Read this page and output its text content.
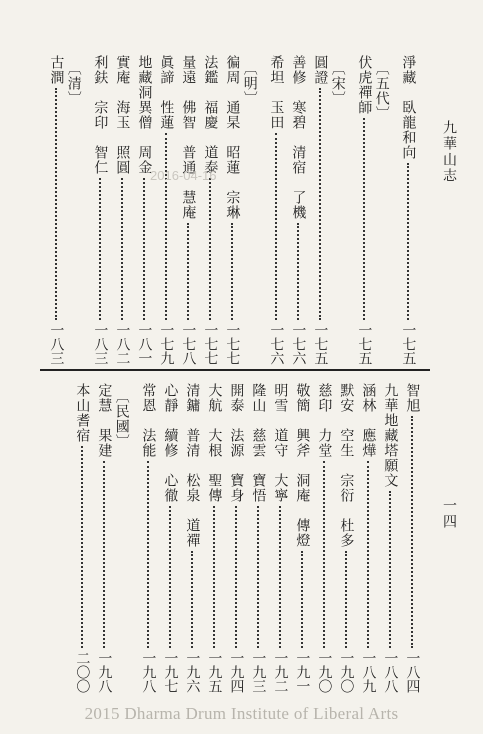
九華山志
一四
淨藏　臥龍和向
一七五
〔五代〕
伏虎禪師
一七五
〔宋〕
圓證
一七五
善修　寒碧　清宿　了機
一七六
希坦　玉田
一七六
〔明〕
徧周　通杲　昭蓮　宗琳
一七七
法鑑　福慶　道泰
一七七
量遠　佛智　普通　慧庵
一七八
眞諦　性蓮
一七九
地藏洞異僧　周金
一八一
實庵　海玉　照圓
一八二
利鈇　宗印　智仁
一八三
〔清〕
古澗
一八三
智旭
一八四
九華地藏塔願文
一八八
涵林　應燁
一八九
默安　空生　宗衍　杜多
一九〇
慈印　力堂
一九〇
敬簡　興斧　洞庵　傳燈
一九一
明雪　道守　大寧
一九二
隆山　慈雲　寶悟
一九三
開泰　法源　寶身
一九四
大航　大根　聖傳
一九五
清鏞　普清　松泉　道禪
一九六
心靜　續修　心徹
一九七
常恩　法能
一九八
〔民國〕
定慧　果建
一九八
本山耆宿
二〇〇
2016-04-16
2015 Dharma Drum Institute of Liberal Arts
